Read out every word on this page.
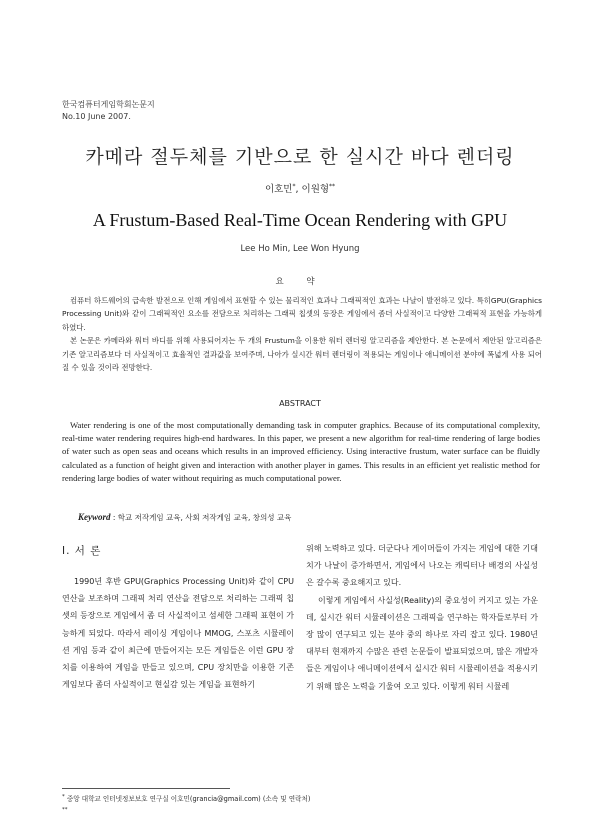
한국컴퓨터게임학회논문지
No.10 June 2007.
카메라 절두체를 기반으로 한 실시간 바다 렌더링
이호민*, 이원형**
A Frustum-Based Real-Time Ocean Rendering with GPU
Lee Ho Min, Lee Won Hyung
요 약

컴퓨터 하드웨어의 급속한 발전으로 인해 게임에서 표현할 수 있는 물리적인 효과나 그래픽적인 효과는 나날이 발전하고 있다. 특히GPU(Graphics Processing Unit)와 같이 그래픽적인 요소를 전담으로 처리하는 그래픽 칩셋의 등장은 게임에서 좀더 사실적이고 다양한 그래픽적 표현을 가능하게 하였다.

본 논문은 카메라와 워터 바디를 위해 사용되어지는 두 개의 Frustum을 이용한 워터 렌더링 알고리즘을 제안한다. 본 논문에서 제안된 알고리즘은 기존 알고리즘보다 더 사실적이고 효율적인 결과값을 보여주며, 나아가 실시간 워터 렌더링이 적용되는 게임이나 애니메이션 분야에 폭넓게 사용 되어 질 수 있을 것이라 전망한다.

ABSTRACT
Water rendering is one of the most computationally demanding task in computer graphics. Because of its computational complexity, real-time water rendering requires high-end hardwares. In this paper, we present a new algorithm for real-time rendering of large bodies of water such as open seas and oceans which results in an improved efficiency. Using interactive frustum, water surface can be fluidly calculated as a function of height given and interaction with another player in games. This results in an efficient yet realistic method for rendering large bodies of water without requiring as much computational power.
Keyword : 학교 저작게임 교육, 사회 저작게임 교육, 창의성 교육
Ⅰ. 서 론

1990년 후반 GPU(Graphics Processing Unit)와 같이 CPU 연산을 보조하며 그래픽 처리 연산을 전담으로 처리하는 그래픽 칩셋의 등장으로 게임에서 좀 더 사실적이고 섬세한 그래픽 표현이 가능하게 되었다. 따라서 레이싱 게임이나 MMOG, 스포츠 시뮬레이션 게임 등과 같이 최근에 만들어지는 모든 게임들은 이런 GPU 장치를 이용하여 게임을 만들고 있으며, CPU 장치만을 이용한 기존 게임보다 좀더 사실적이고 현실감 있는 게임을 표현하기

위해 노력하고 있다. 더군다나 게이머들이 가지는 게임에 대한 기대치가 나날이 증가하면서, 게임에서 나오는 캐릭터나 배경의 사실성은 갈수록 중요해지고 있다.

이렇게 게임에서 사실성(Reality)의 중요성이 커지고 있는 가운데, 실시간 워터 시뮬레이션은 그래픽을 연구하는 학자들로부터 가장 많이 연구되고 있는 분야 중의 하나로 자리 잡고 있다. 1980년대부터 현재까지 수많은 관련 논문들이 발표되었으며, 많은 개발자들은 게임이나 애니메이션에서 실시간 워터 시뮬레이션을 적용시키기 위해 많은 노력을 기울여 오고 있다. 이렇게 워터 시뮬레

* 중앙 대학교 인터넷정보보호 연구실 이호민(grancia@gmail.com) (소속 및 연락처)
**
